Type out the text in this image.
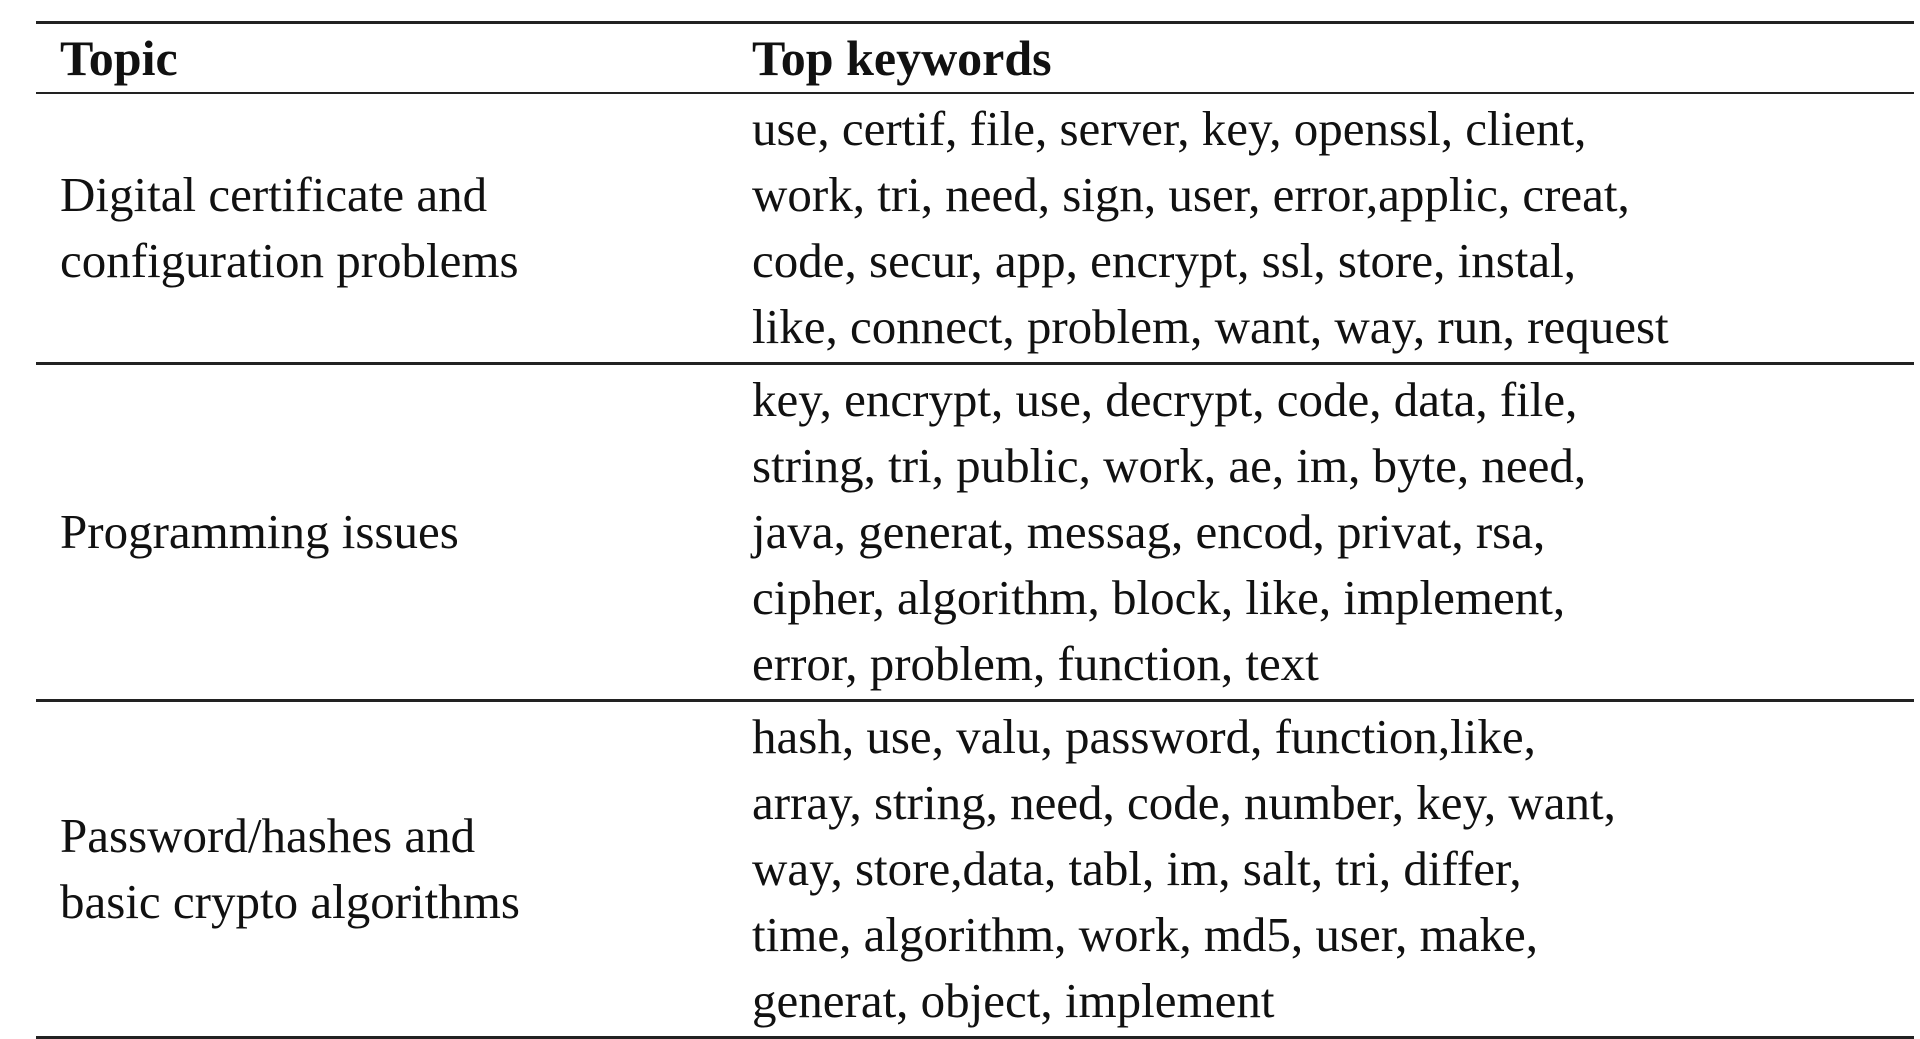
Topic	Top keywords

Digital certificate and
configuration problems	use, certif, file, server, key, openssl, client,
work, tri, need, sign, user, error,applic, creat,
code, secur, app, encrypt, ssl, store, instal,
like, connect, problem, want, way, run, request

Programming issues	key, encrypt, use, decrypt, code, data, file,
string, tri, public, work, ae, im, byte, need,
java, generat, messag, encod, privat, rsa,
cipher, algorithm, block, like, implement,
error, problem, function, text

Password/hashes and
basic crypto algorithms	hash, use, valu, password, function,like,
array, string, need, code, number, key, want,
way, store,data, tabl, im, salt, tri, differ,
time, algorithm, work, md5, user, make,
generat, object, implement
